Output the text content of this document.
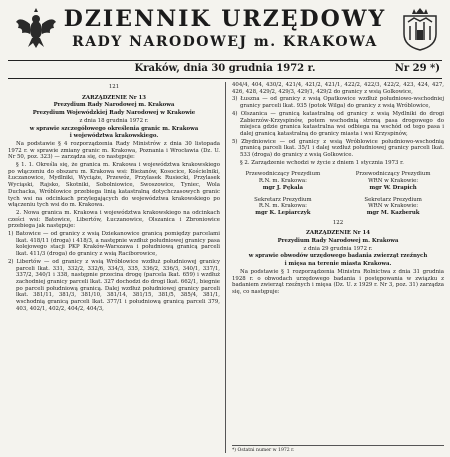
DZIENNIK URZĘDOWY
RADY NARODOWEJ m. KRAKOWA
Kraków, dnia 30 grudnia 1972 r.	Nr 29 *)
121
ZARZĄDZENIE Nr 13
Prezydium Rady Narodowej m. Krakowa
Prezydium Wojewódzkiej Rady Narodowej w Krakowie
z dnia 18 grudnia 1972 r.
w sprawie szczegółowego określenia granic m. Krakowa
i województwa krakowskiego.

Na podstawie § 4 rozporządzenia Rady Ministrów z dnia 30 listopada 1972 r. w sprawie zmiany granic m. Krakowa, Poznania i Wrocławia (Dz. U. Nr 50, poz. 323) — zarządza się, co następuje:

§ 1. 1. Określa się, że granica m. Krakowa i województwa krakowskiego po włączeniu do obszaru m. Krakowa wsi: Bieżanów, Kosocice, Kościelniki, Łuczanowice, Mydlniki, Wyciąże, Przewóz, Przylasek Rusiecki, Przylasek Wyciąski, Rajsko, Skotniki, Sobolniowice, Swoszowice, Tyniec, Wola Duchacka, Wróblowice przebiega linią katastralną dotychczasowych granic tych wsi na odcinkach przylegających do województwa krakowskiego po włączeniu tych wsi do m. Krakowa.

2. Nowa granica m. Krakowa i województwa krakowskiego na odcinkach cześci wsi: Batowice, Libertów, Łuczanowice, Olszanica i Zbroniowice przebiega jak następuje:

1) Batowice — od granicy z wsią Dziekanowice granicą pomiędzy parcelami lkat. 418/11 (droga) i 418/3, a następnie wzdłuż południowej granicy pasa kolejowego stacji PKP Kraków-Warszawa i południową granicą parceli lkat. 411/3 (droga) do granicy z wsią Raciborowice,
2) Libertów — od granicy z wsią Wróblowice wzdłuż południowej granicy parceli lkat. 331, 332/2, 332/6, 334/3, 335, 336/2, 336/3, 340/1, 337/1, 337/2, 340/1 i 338, następnie przecina drogę (parcela lkat. 659) i wzdłuż zachodniej granicy parceli lkat. 327 dochodzi do drogi lkat. 662/1, biegnie po parceli południową granicą. Dalej wzdłuż południowej granicy parceli lkat. 381/11, 381/3, 381/10, 381/14, 381/15, 381/5, 385/4, 381/1, wschodnią granicą parceli lkat. 377/1 i południową granicą parceli 379, 403, 402/1, 402/2, 404/2, 404/3,

404/4, 404, 430/2, 421/4, 421/2, 421/1, 422/2, 422/3, 422/2, 423, 424, 427, 426, 428, 429/2, 429/3, 429/1, 429/2 do granicy z wsią Golkowice,

3) Łuszna — od granicy z wsią Opatkowice wzdłuż południowo-wschodniej granicy parceli lkat. 935 (potok Wilga) do granicy z wsią Wróblowice,
4) Olszanica — granicą katastralną od granicy z wsią Mydlniki do drogi Zabierzów-Krzyspinów, potem wschodnią stroną pasa drogowego do miejsca gdzie granica katastralna wsi odbiega na wschód od tego pasa i dalej granicą katastralną do granicy miasta i wsi Krzyspinów,
5) Zbydniowice — od granicy z wsią Wróblowice południowo-wschodnią granicą parceli lkat. 35/1 i dalej wzdłuż południowej granicy parceli lkat. 533 (droga) do granicy z wsią Golkowice.

§ 2. Zarządzenie wchodzi w życie z dniem 1 stycznia 1973 r.

Przewodniczący Prezydium
R.N. m. Krakowa:
mgr J. Pękala
Przewodniczący Prezydium
WRN w Krakowie:
mgr W. Drapich
Sekretarz Prezydium
R.N. m. Krakowa:
mgr K. Lepiarczyk
Sekretarz Prezydium
WRN w Krakowie:
mgr M. Kazberuk
122
ZARZĄDZENIE Nr 14
Prezydium Rady Narodowej m. Krakowa
z dnia 29 grudnia 1972 r.
w sprawie obwodów urzędowego badania zwierząt rzeźnych
i mięsa na terenie miasta Krakowa.

Na podstawie § 1 rozporządzenia Ministra Rolnictwa z dnia 31 grudnia 1928 r. o obwodach urzędowego badania i postępowania w związku z badaniem zwierząt rzeźnych i mięsa (Dz. U. z 1929 r. Nr 3, poz. 31) zarządza się, co następuje:

*) Ostatni numer w 1972 r.
